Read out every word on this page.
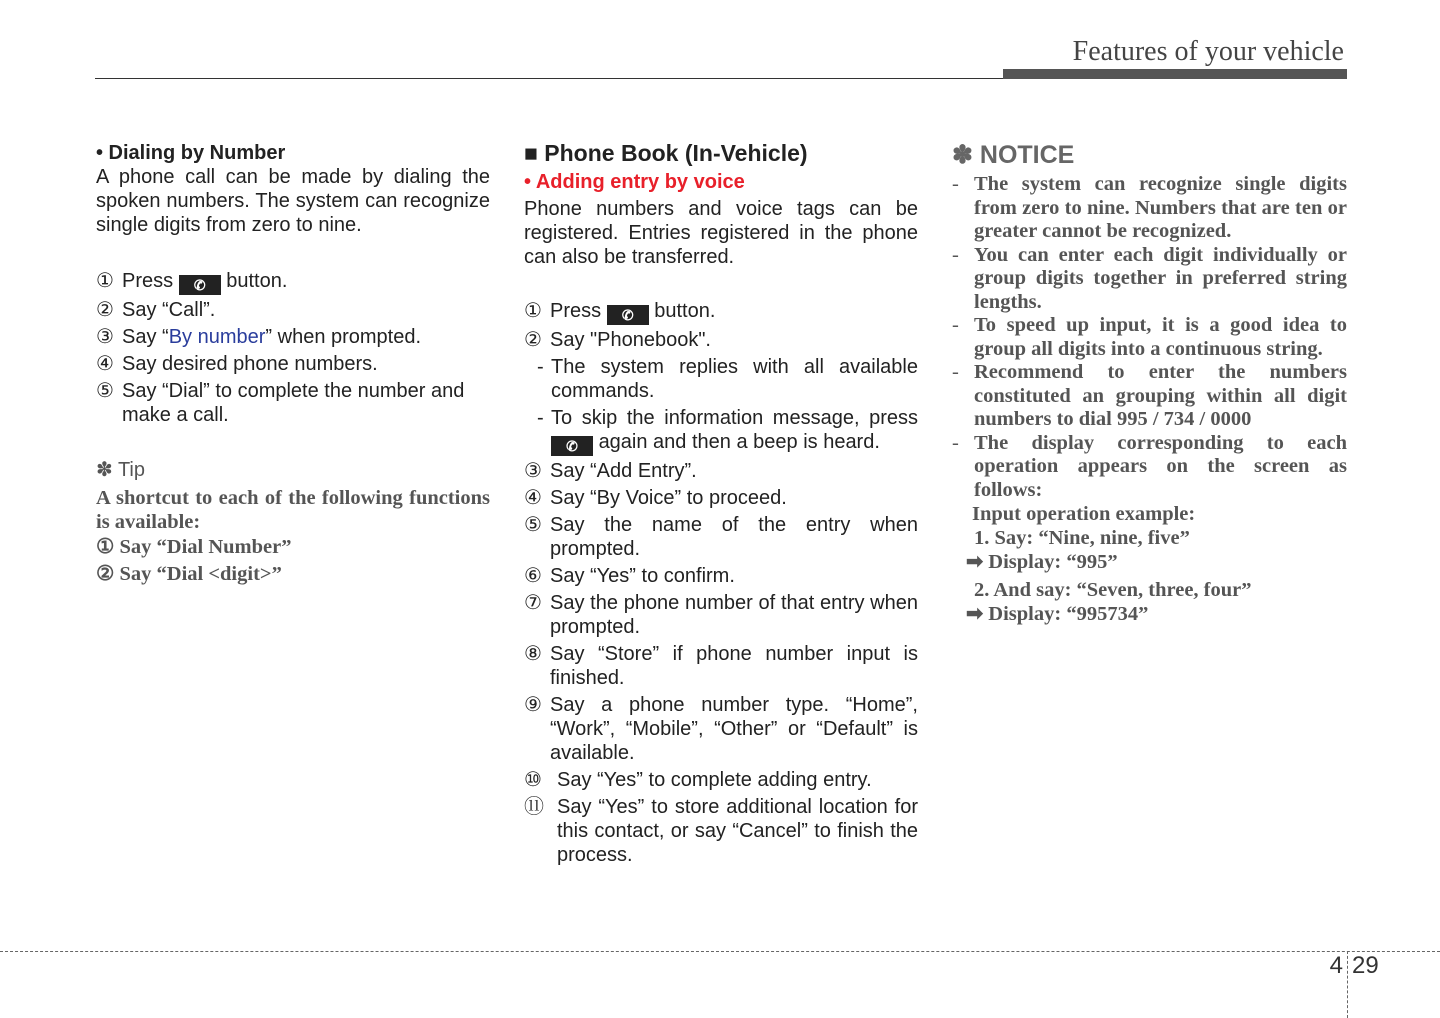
Features of your vehicle
• Dialing by Number
A phone call can be made by dialing the spoken numbers. The system can recognize single digits from zero to nine.
① Press ✆ button.
② Say “Call”.
③ Say “By number” when prompted.
④ Say desired phone numbers.
⑤ Say “Dial” to complete the number and make a call.
✽ Tip
A shortcut to each of the following functions is available:
① Say “Dial Number”
② Say “Dial <digit>”
■ Phone Book (In-Vehicle)
• Adding entry by voice
Phone numbers and voice tags can be registered. Entries registered in the phone can also be transferred.
① Press ✆ button.
② Say "Phonebook".
- The system replies with all available commands.
- To skip the information message, press ✆ again and then a beep is heard.
③ Say “Add Entry”.
④ Say “By Voice” to proceed.
⑤ Say the name of the entry when prompted.
⑥ Say “Yes” to confirm.
⑦ Say the phone number of that entry when prompted.
⑧ Say “Store” if phone number input is finished.
⑨ Say a phone number type. “Home”, “Work”, “Mobile”, “Other” or “Default” is available.
⑩ Say “Yes” to complete adding entry.
⑪ Say “Yes” to store additional location for this contact, or say “Cancel” to finish the process.
✽ NOTICE
- The system can recognize single digits from zero to nine. Numbers that are ten or greater cannot be recognized.
- You can enter each digit individually or group digits together in preferred string lengths.
- To speed up input, it is a good idea to group all digits into a continuous string.
- Recommend to enter the numbers constituted an grouping within all digit numbers to dial 995 / 734 / 0000
- The display corresponding to each operation appears on the screen as follows:
Input operation example:
1. Say: “Nine, nine, five”
➡ Display: “995”
2. And say: “Seven, three, four”
➡ Display: “995734”
4 29
